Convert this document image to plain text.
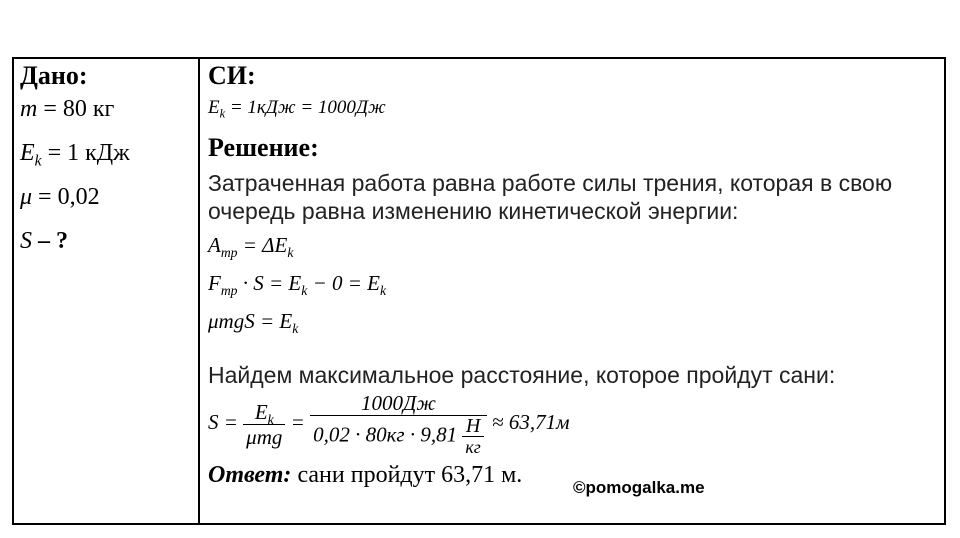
Дано:
m = 80 кг
$E_k = 1$ кДж
μ = 0,02
S – ?
СИ:
$E_k = 1кДж = 1000Дж$
Решение:
Затраченная работа равна работе силы трения, которая в свою очередь равна изменению кинетической энергии:
$A_{тр} = \Delta E_k$
$F_{тр} \cdot S = E_k - 0 = E_k$
$\mu mgS = E_k$
Найдем максимальное расстояние, которое пройдут сани:
$S = \frac{E_k}{\text{μmg}} = \frac{1000Дж}{0,02 \cdot 80кг \cdot 9,81 \frac{Н}{кг}} \approx 63,71м$
Ответ: сани пройдут 63,71 м.	©pomogalka.me
